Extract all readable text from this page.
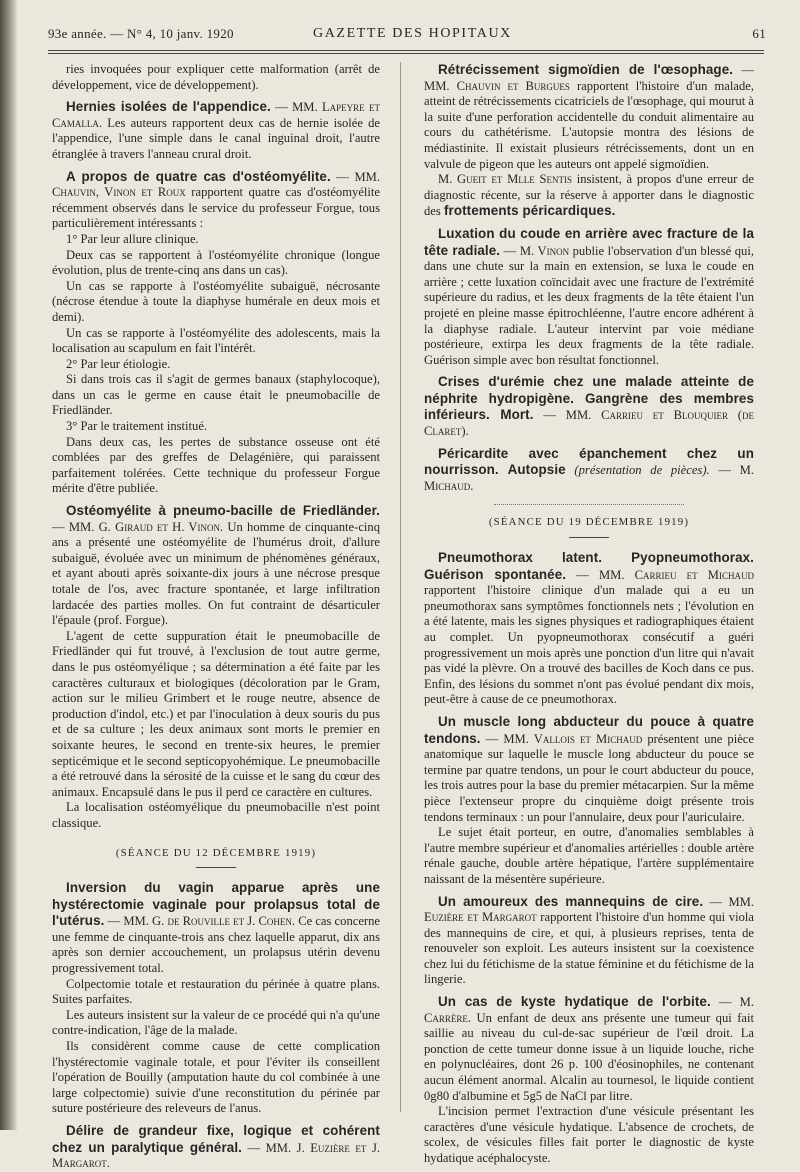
93e année. — N° 4, 10 janv. 1920	GAZETTE DES HOPITAUX	61

ries invoquées pour expliquer cette malformation (arrêt de développement, vice de développement).

Hernies isolées de l'appendice. — MM. Lapeyre et Camalla. Les auteurs rapportent deux cas de hernie isolée de l'appendice, l'une simple dans le canal inguinal droit, l'autre étranglée à travers l'anneau crural droit.

A propos de quatre cas d'ostéomyélite. — MM. Chauvin, Vinon et Roux rapportent quatre cas d'ostéomyélite récemment observés dans le service du professeur Forgue, tous particulièrement intéressants :

1° Par leur allure clinique.

Deux cas se rapportent à l'ostéomyélite chronique (longue évolution, plus de trente-cinq ans dans un cas).

Un cas se rapporte à l'ostéomyélite subaiguë, nécrosante (nécrose étendue à toute la diaphyse humérale en deux mois et demi).

Un cas se rapporte à l'ostéomyélite des adolescents, mais la localisation au scapulum en fait l'intérêt.

2° Par leur étiologie.

Si dans trois cas il s'agit de germes banaux (staphylocoque), dans un cas le germe en cause était le pneumobacille de Friedländer.

3° Par le traitement institué.

Dans deux cas, les pertes de substance osseuse ont été comblées par des greffes de Delagénière, qui paraissent parfaitement tolérées. Cette technique du professeur Forgue mérite d'être publiée.

Ostéomyélite à pneumo-bacille de Friedländer. — MM. G. Giraud et H. Vinon. Un homme de cinquante-cinq ans a présenté une ostéomyélite de l'humérus droit, d'allure subaiguë, évoluée avec un minimum de phénomènes généraux, et ayant abouti après soixante-dix jours à une nécrose presque totale de l'os, avec fracture spontanée, et large infiltration lardacée des parties molles. On fut contraint de désarticuler l'épaule (prof. Forgue).

L'agent de cette suppuration était le pneumobacille de Friedländer qui fut trouvé, à l'exclusion de tout autre germe, dans le pus ostéomyélique ; sa détermination a été faite par les caractères culturaux et biologiques (décoloration par le Gram, action sur le milieu Grimbert et le rouge neutre, absence de production d'indol, etc.) et par l'inoculation à deux souris du pus et de sa culture ; les deux animaux sont morts le premier en soixante heures, le second en trente-six heures, le premier septicémique et le second septicopyohémique. Le pneumobacille a été retrouvé dans la sérosité de la cuisse et le sang du cœur des animaux. Encapsulé dans le pus il perd ce caractère en cultures.

La localisation ostéomyélique du pneumobacille n'est point classique.

(SÉANCE DU 12 DÉCEMBRE 1919)

Inversion du vagin apparue après une hystérectomie vaginale pour prolapsus total de l'utérus. — MM. G. de Rouville et J. Cohen. Ce cas concerne une femme de cinquante-trois ans chez laquelle apparut, dix ans après son dernier accouchement, un prolapsus utérin devenu progressivement total.

Colpectomie totale et restauration du périnée à quatre plans. Suites parfaites.

Les auteurs insistent sur la valeur de ce procédé qui n'a qu'une contre-indication, l'âge de la malade.

Ils considèrent comme cause de cette complication l'hystérectomie vaginale totale, et pour l'éviter ils conseillent l'opération de Bouilly (amputation haute du col combinée à une large colpectomie) suivie d'une reconstitution du périnée par suture postérieure des releveurs de l'anus.

Délire de grandeur fixe, logique et cohérent chez un paralytique général. — MM. J. Euzière et J. Margarot.

Rétrécissement sigmoïdien de l'œsophage. — MM. Chauvin et Burgues rapportent l'histoire d'un malade, atteint de rétrécissements cicatriciels de l'œsophage, qui mourut à la suite d'une perforation accidentelle du conduit alimentaire au cours du cathétérisme. L'autopsie montra des lésions de médiastinite. Il existait plusieurs rétrécissements, dont un en valvule de pigeon que les auteurs ont appelé sigmoïdien.

M. Gueit et Mlle Sentis insistent, à propos d'une erreur de diagnostic récente, sur la réserve à apporter dans le diagnostic des frottements péricardiques.

Luxation du coude en arrière avec fracture de la tête radiale. — M. Vinon publie l'observation d'un blessé qui, dans une chute sur la main en extension, se luxa le coude en arrière ; cette luxation coïncidait avec une fracture de l'extrémité supérieure du radius, et les deux fragments de la tête étaient l'un projeté en pleine masse épitrochléenne, l'autre encore adhérent à la diaphyse radiale. L'auteur intervint par voie médiane postérieure, extirpa les deux fragments de la tête radiale. Guérison simple avec bon résultat fonctionnel.

Crises d'urémie chez une malade atteinte de néphrite hydropigène. Gangrène des membres inférieurs. Mort. — MM. Carrieu et Blouquier (de Claret).

Péricardite avec épanchement chez un nourrisson. Autopsie (présentation de pièces). — M. Michaud.

(SÉANCE DU 19 DÉCEMBRE 1919)

Pneumothorax latent. Pyopneumothorax. Guérison spontanée. — MM. Carrieu et Michaud rapportent l'histoire clinique d'un malade qui a eu un pneumothorax sans symptômes fonctionnels nets ; l'évolution en a été latente, mais les signes physiques et radiographiques étaient au complet. Un pyopneumothorax consécutif a guéri progressivement un mois après une ponction d'un litre qui n'avait pas vidé la plèvre. On a trouvé des bacilles de Koch dans ce pus. Enfin, des lésions du sommet n'ont pas évolué pendant dix mois, peut-être à cause de ce pneumothorax.

Un muscle long abducteur du pouce à quatre tendons. — MM. Vallois et Michaud présentent une pièce anatomique sur laquelle le muscle long abducteur du pouce se termine par quatre tendons, un pour le court abducteur du pouce, les trois autres pour la base du premier métacarpien. Sur la même pièce l'extenseur propre du cinquième doigt présente trois tendons terminaux : un pour l'annulaire, deux pour l'auriculaire.

Le sujet était porteur, en outre, d'anomalies semblables à l'autre membre supérieur et d'anomalies artérielles : double artère rénale gauche, double artère hépatique, l'artère supplémentaire naissant de la mésentère supérieure.

Un amoureux des mannequins de cire. — MM. Euzière et Margarot rapportent l'histoire d'un homme qui viola des mannequins de cire, et qui, à plusieurs reprises, tenta de renouveler son exploit. Les auteurs insistent sur la coexistence chez lui du fétichisme de la statue féminine et du fétichisme de la lingerie.

Un cas de kyste hydatique de l'orbite. — M. Carrère. Un enfant de deux ans présente une tumeur qui fait saillie au niveau du cul-de-sac supérieur de l'œil droit. La ponction de cette tumeur donne issue à un liquide louche, riche en polynucléaires, dont 26 p. 100 d'éosinophiles, ne contenant aucun élément anormal. Alcalin au tournesol, le liquide contient 0g80 d'albumine et 5g5 de NaCl par litre.

L'incision permet l'extraction d'une vésicule présentant les caractères d'une vésicule hydatique. L'absence de crochets, de scolex, de vésicules filles fait porter le diagnostic de kyste hydatique acéphalocyste.
